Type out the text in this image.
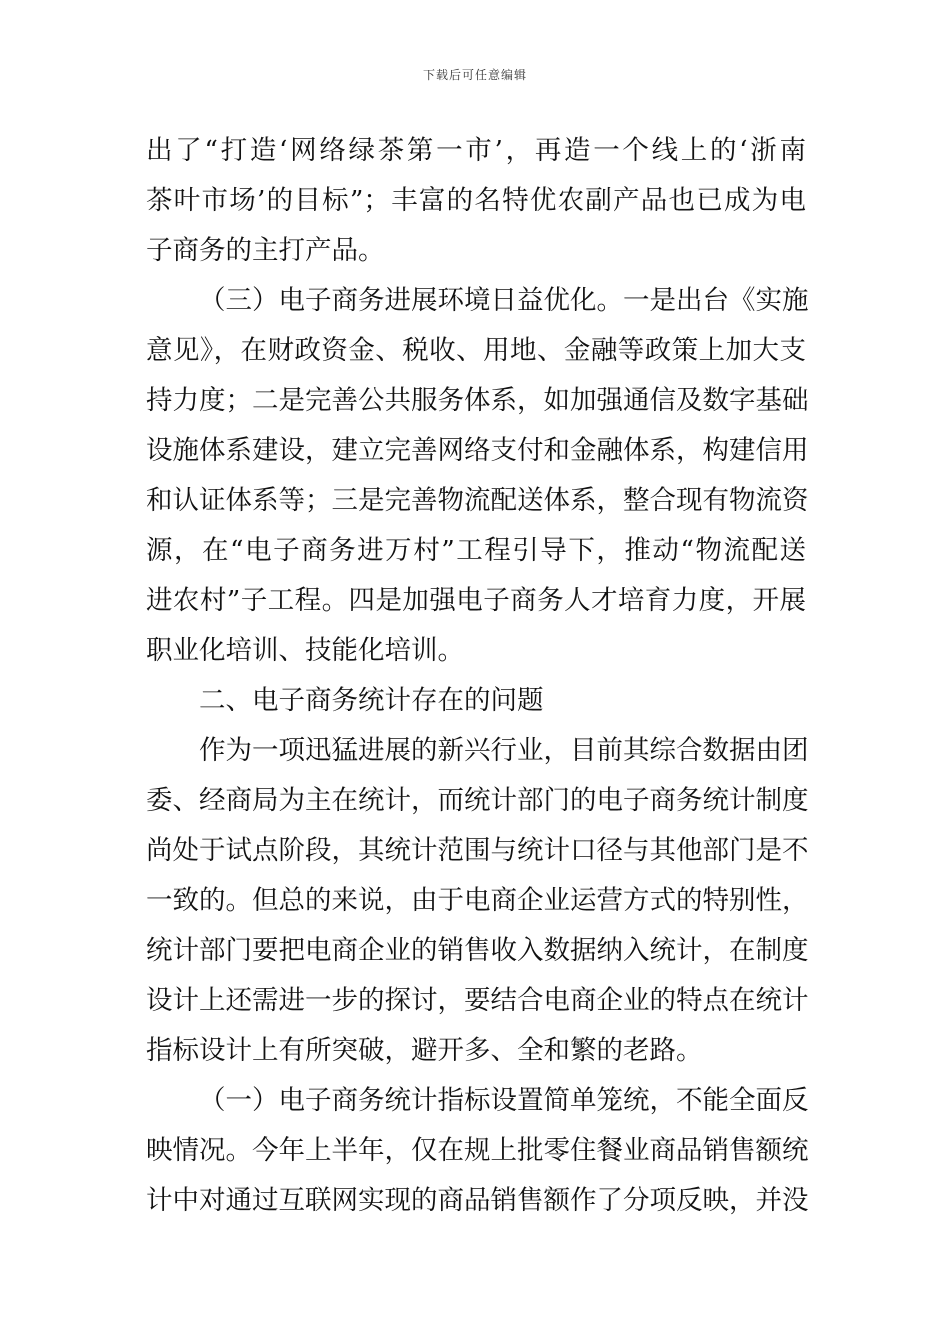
下载后可任意编辑
出了“打造‘网络绿茶第一市’，再造一个线上的‘浙南
茶叶市场’的目标”；丰富的名特优农副产品也已成为电
子商务的主打产品。
（三）电子商务进展环境日益优化。一是出台《实施
意见》，在财政资金、税收、用地、金融等政策上加大支
持力度；二是完善公共服务体系，如加强通信及数字基础
设施体系建设，建立完善网络支付和金融体系，构建信用
和认证体系等；三是完善物流配送体系，整合现有物流资
源，在“电子商务进万村”工程引导下，推动“物流配送
进农村”子工程。四是加强电子商务人才培育力度，开展
职业化培训、技能化培训。
二、电子商务统计存在的问题
作为一项迅猛进展的新兴行业，目前其综合数据由团
委、经商局为主在统计，而统计部门的电子商务统计制度
尚处于试点阶段，其统计范围与统计口径与其他部门是不
一致的。但总的来说，由于电商企业运营方式的特别性，
统计部门要把电商企业的销售收入数据纳入统计，在制度
设计上还需进一步的探讨，要结合电商企业的特点在统计
指标设计上有所突破，避开多、全和繁的老路。
（一）电子商务统计指标设置简单笼统，不能全面反
映情况。今年上半年，仅在规上批零住餐业商品销售额统
计中对通过互联网实现的商品销售额作了分项反映，并没
